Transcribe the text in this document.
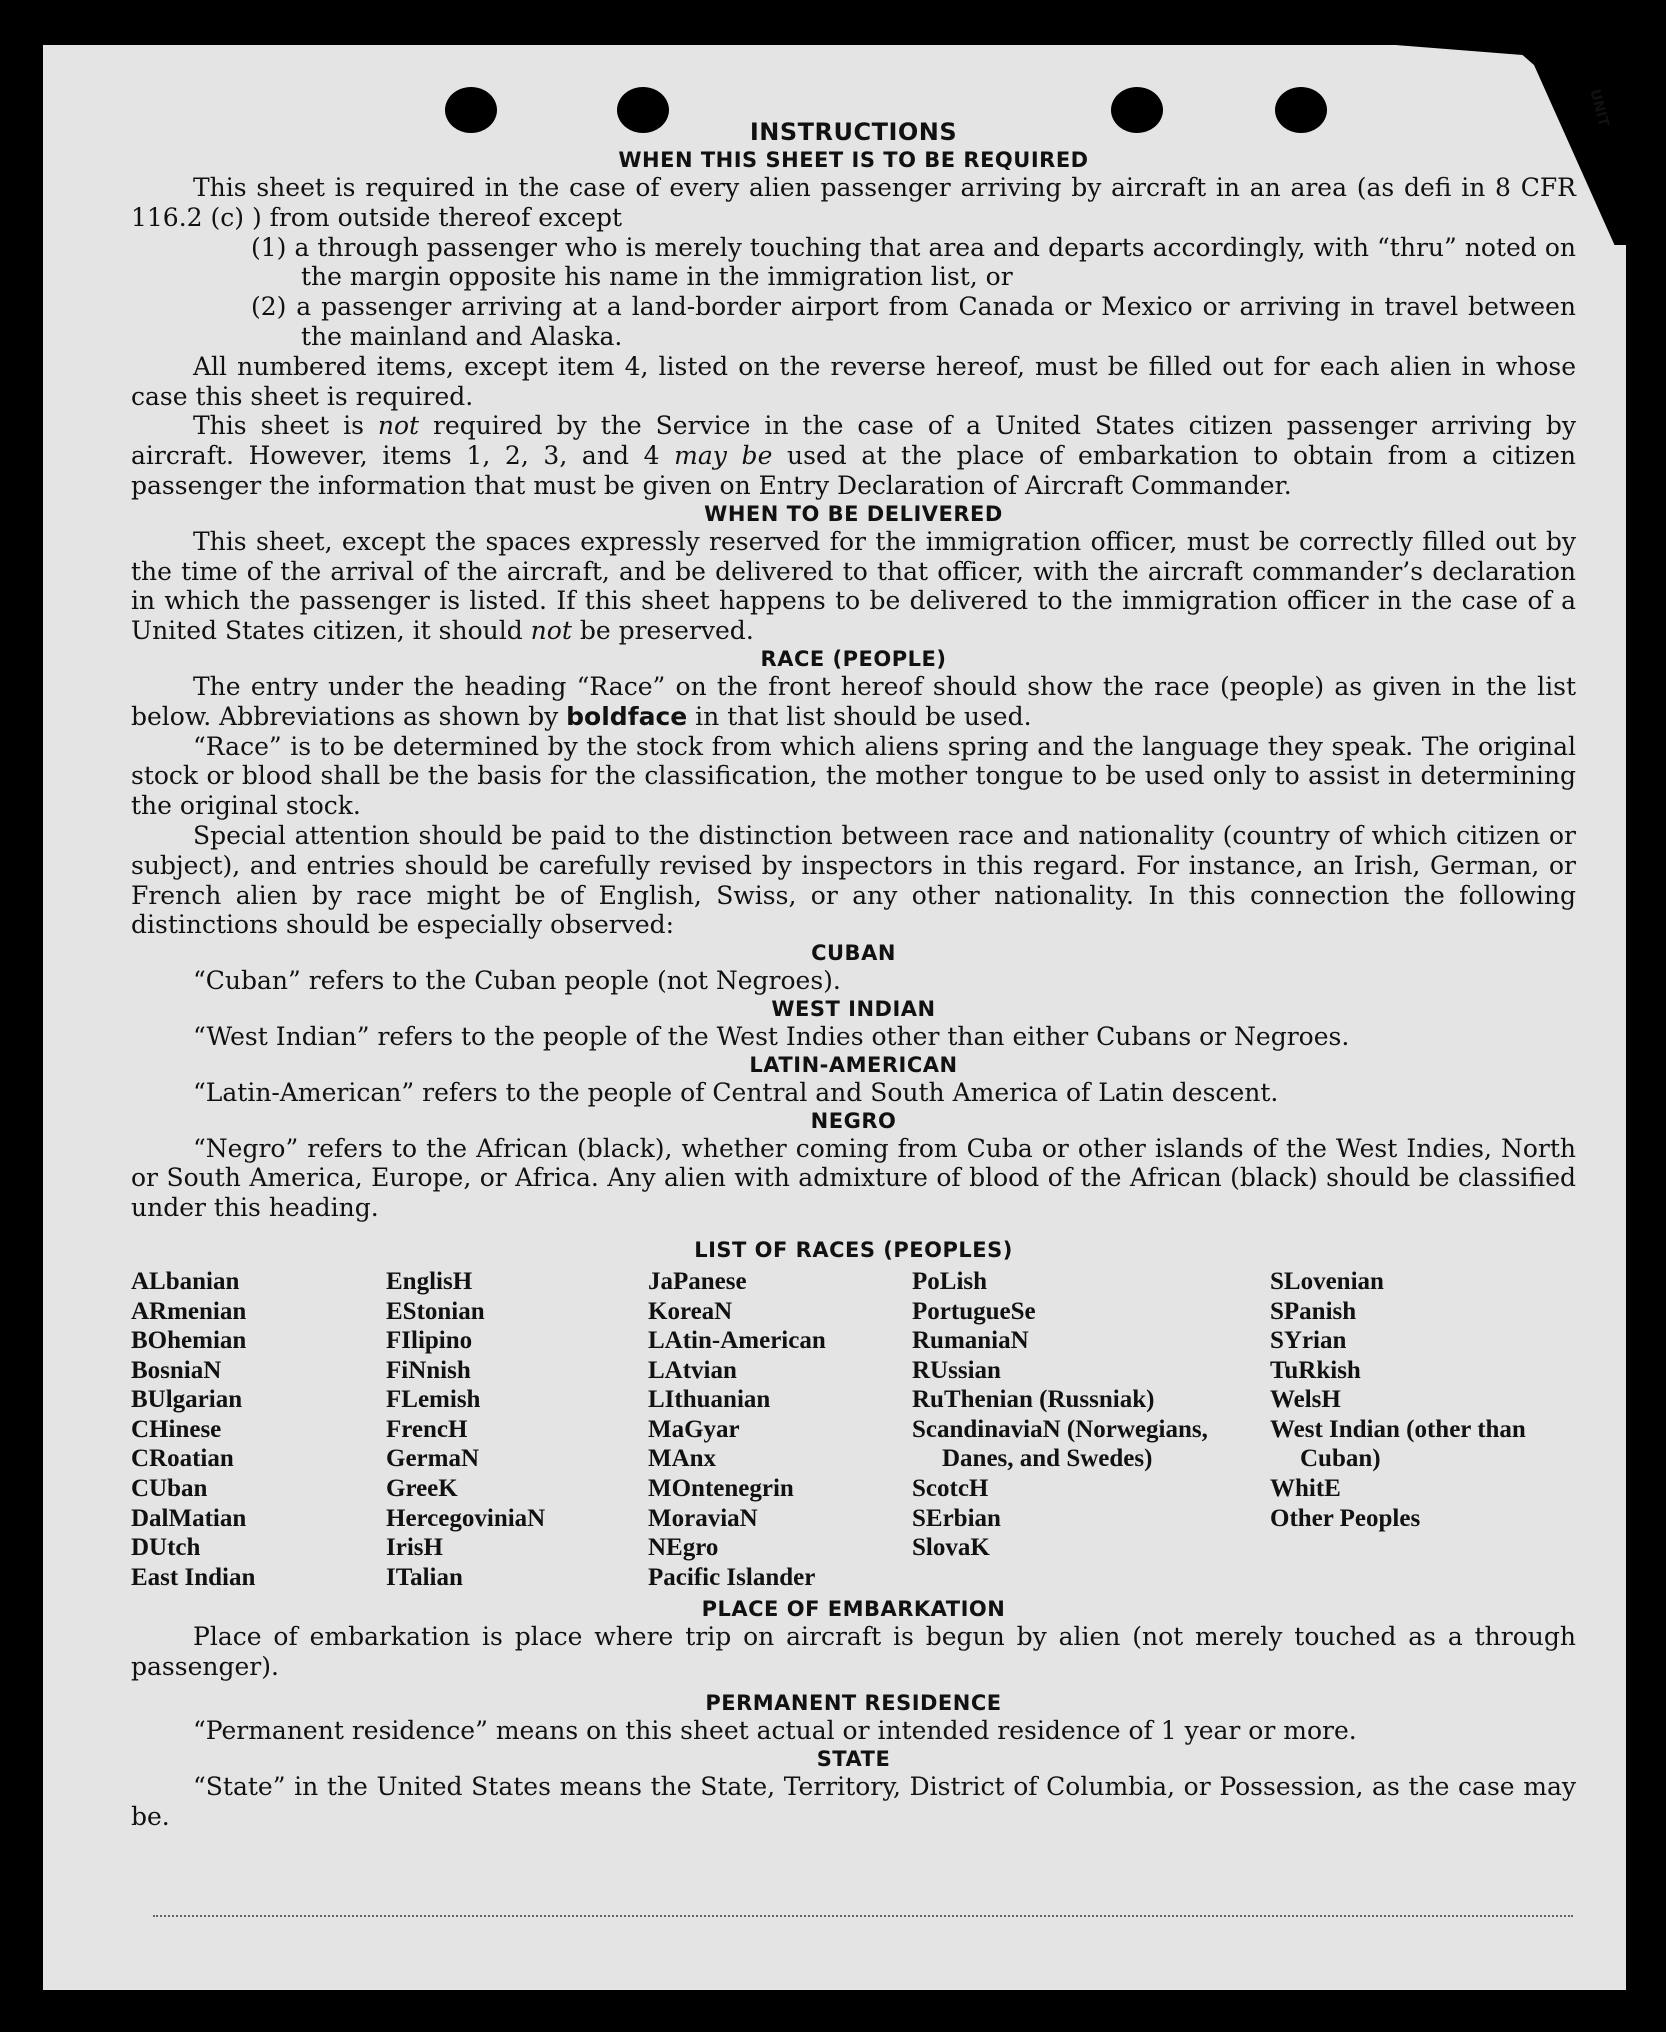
UNIT
INSTRUCTIONS
WHEN THIS SHEET IS TO BE REQUIRED

This sheet is required in the case of every alien passenger arriving by aircraft in an area (as defi in 8 CFR 116.2 (c) ) from outside thereof except

(1) a through passenger who is merely touching that area and departs accordingly, with “thru” noted on the margin opposite his name in the immigration list, or

(2) a passenger arriving at a land-border airport from Canada or Mexico or arriving in travel between the mainland and Alaska.

All numbered items, except item 4, listed on the reverse hereof, must be filled out for each alien in whose case this sheet is required.

This sheet is not required by the Service in the case of a United States citizen passenger arriving by aircraft. However, items 1, 2, 3, and 4 may be used at the place of embarkation to obtain from a citizen passenger the information that must be given on Entry Declaration of Aircraft Commander.

WHEN TO BE DELIVERED

This sheet, except the spaces expressly reserved for the immigration officer, must be correctly filled out by the time of the arrival of the aircraft, and be delivered to that officer, with the aircraft commander’s declaration in which the passenger is listed. If this sheet happens to be delivered to the immigration officer in the case of a United States citizen, it should not be preserved.

RACE (PEOPLE)

The entry under the heading “Race” on the front hereof should show the race (people) as given in the list below. Abbreviations as shown by boldface in that list should be used.

“Race” is to be determined by the stock from which aliens spring and the language they speak. The original stock or blood shall be the basis for the classification, the mother tongue to be used only to assist in determining the original stock.

Special attention should be paid to the distinction between race and nationality (country of which citizen or subject), and entries should be carefully revised by inspectors in this regard. For instance, an Irish, German, or French alien by race might be of English, Swiss, or any other nationality. In this connection the following distinctions should be especially observed:

CUBAN

“Cuban” refers to the Cuban people (not Negroes).

WEST INDIAN

“West Indian” refers to the people of the West Indies other than either Cubans or Negroes.

LATIN-AMERICAN

“Latin-American” refers to the people of Central and South America of Latin descent.

NEGRO

“Negro” refers to the African (black), whether coming from Cuba or other islands of the West Indies, North or South America, Europe, or Africa. Any alien with admixture of blood of the African (black) should be classified under this heading.

LIST OF RACES (PEOPLES)
ALbanian
ARmenian
BOhemian
BosniaN
BUlgarian
CHinese
CRoatian
CUban
DalMatian
DUtch
East Indian
EnglisH
EStonian
FIlipino
FiNnish
FLemish
FrencH
GermaN
GreeK
HercegoviniaN
IrisH
ITalian
JaPanese
KoreaN
LAtin-American
LAtvian
LIthuanian
MaGyar
MAnx
MOntenegrin
MoraviaN
NEgro
Pacific Islander
PoLish
PortugueSe
RumaniaN
RUssian
RuThenian (Russniak)
ScandinaviaN (Norwegians, Danes, and Swedes)
ScotcH
SErbian
SlovaK
SLovenian
SPanish
SYrian
TuRkish
WelsH
West Indian (other than Cuban)
WhitE
Other Peoples
PLACE OF EMBARKATION

Place of embarkation is place where trip on aircraft is begun by alien (not merely touched as a through passenger).

PERMANENT RESIDENCE

“Permanent residence” means on this sheet actual or intended residence of 1 year or more.

STATE

“State” in the United States means the State, Territory, District of Columbia, or Possession, as the case may be.
